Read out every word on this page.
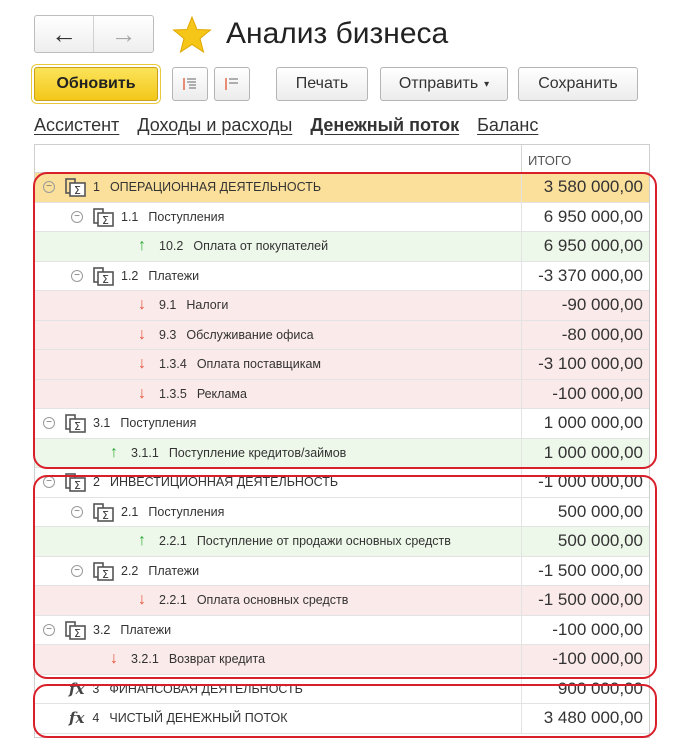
←	→	Анализ бизнеса
Обновить	Печать	Отправить ▾	Сохранить
Ассистент Доходы и расходы Денежный поток Баланс
ИТОГО
− Σ 1 ОПЕРАЦИОННАЯ ДЕЯТЕЛЬНОСТЬ	3 580 000,00
− Σ 1.1 Поступления	6 950 000,00
↑ 10.2 Оплата от покупателей	6 950 000,00
− Σ 1.2 Платежи	-3 370 000,00
↓ 9.1 Налоги	-90 000,00
↓ 9.3 Обслуживание офиса	-80 000,00
↓ 1.3.4 Оплата поставщикам	-3 100 000,00
↓ 1.3.5 Реклама	-100 000,00
− Σ 3.1 Поступления	1 000 000,00
↑ 3.1.1 Поступление кредитов/займов	1 000 000,00
− Σ 2 ИНВЕСТИЦИОННАЯ ДЕЯТЕЛЬНОСТЬ	-1 000 000,00
− Σ 2.1 Поступления	500 000,00
↑ 2.2.1 Поступление от продажи основных средств	500 000,00
− Σ 2.2 Платежи	-1 500 000,00
↓ 2.2.1 Оплата основных средств	-1 500 000,00
− Σ 3.2 Платежи	-100 000,00
↓ 3.2.1 Возврат кредита	-100 000,00
fx 3 ФИНАНСОВАЯ ДЕЯТЕЛЬНОСТЬ	900 000,00
fx 4 ЧИСТЫЙ ДЕНЕЖНЫЙ ПОТОК	3 480 000,00
